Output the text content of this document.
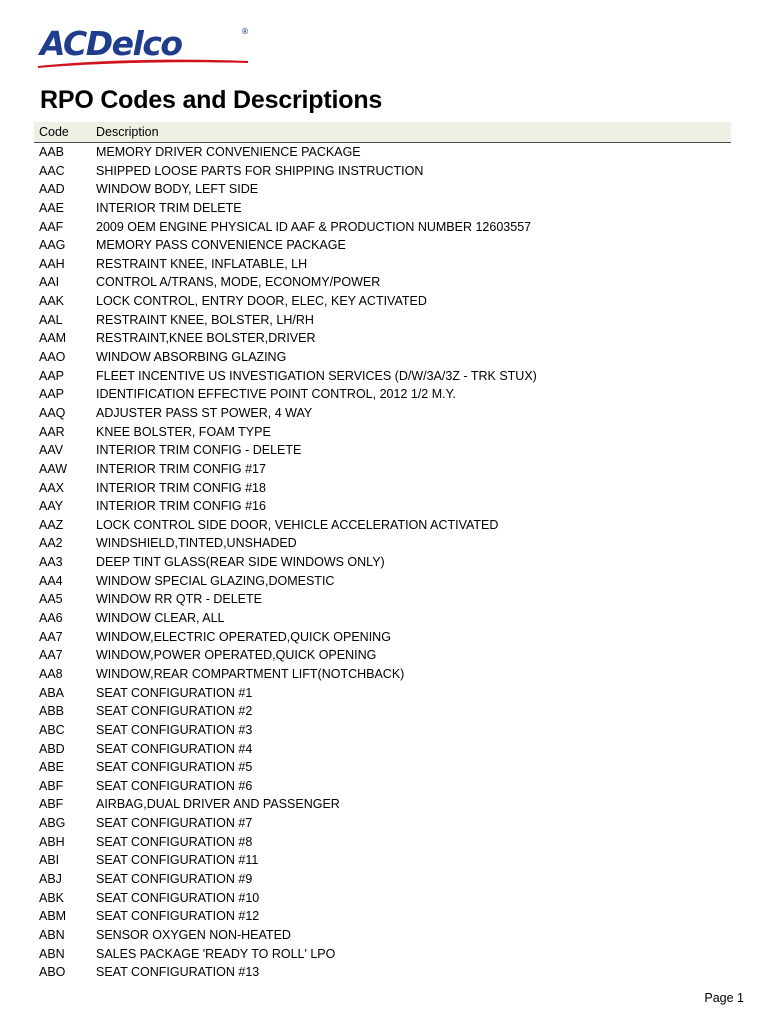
ACDelco	®
RPO Codes and Descriptions
Code	Description
AAB	MEMORY DRIVER CONVENIENCE PACKAGE
AAC	SHIPPED LOOSE PARTS FOR SHIPPING INSTRUCTION
AAD	WINDOW BODY, LEFT SIDE
AAE	INTERIOR TRIM DELETE
AAF	2009 OEM ENGINE PHYSICAL ID AAF & PRODUCTION NUMBER 12603557
AAG	MEMORY PASS CONVENIENCE PACKAGE
AAH	RESTRAINT KNEE, INFLATABLE, LH
AAI	CONTROL A/TRANS, MODE, ECONOMY/POWER
AAK	LOCK CONTROL, ENTRY DOOR, ELEC, KEY ACTIVATED
AAL	RESTRAINT KNEE, BOLSTER, LH/RH
AAM	RESTRAINT,KNEE BOLSTER,DRIVER
AAO	WINDOW ABSORBING GLAZING
AAP	FLEET INCENTIVE US INVESTIGATION SERVICES (D/W/3A/3Z - TRK STUX)
AAP	IDENTIFICATION EFFECTIVE POINT CONTROL, 2012 1/2 M.Y.
AAQ	ADJUSTER PASS ST POWER, 4 WAY
AAR	KNEE BOLSTER, FOAM TYPE
AAV	INTERIOR TRIM CONFIG - DELETE
AAW	INTERIOR TRIM CONFIG #17
AAX	INTERIOR TRIM CONFIG #18
AAY	INTERIOR TRIM CONFIG #16
AAZ	LOCK CONTROL SIDE DOOR, VEHICLE ACCELERATION ACTIVATED
AA2	WINDSHIELD,TINTED,UNSHADED
AA3	DEEP TINT GLASS(REAR SIDE WINDOWS ONLY)
AA4	WINDOW SPECIAL GLAZING,DOMESTIC
AA5	WINDOW RR QTR - DELETE
AA6	WINDOW CLEAR, ALL
AA7	WINDOW,ELECTRIC OPERATED,QUICK OPENING
AA7	WINDOW,POWER OPERATED,QUICK OPENING
AA8	WINDOW,REAR COMPARTMENT LIFT(NOTCHBACK)
ABA	SEAT CONFIGURATION #1
ABB	SEAT CONFIGURATION #2
ABC	SEAT CONFIGURATION #3
ABD	SEAT CONFIGURATION #4
ABE	SEAT CONFIGURATION #5
ABF	SEAT CONFIGURATION #6
ABF	AIRBAG,DUAL DRIVER AND PASSENGER
ABG	SEAT CONFIGURATION #7
ABH	SEAT CONFIGURATION #8
ABI	SEAT CONFIGURATION #11
ABJ	SEAT CONFIGURATION #9
ABK	SEAT CONFIGURATION #10
ABM	SEAT CONFIGURATION #12
ABN	SENSOR OXYGEN NON-HEATED
ABN	SALES PACKAGE 'READY TO ROLL' LPO
ABO	SEAT CONFIGURATION #13
Page 1
